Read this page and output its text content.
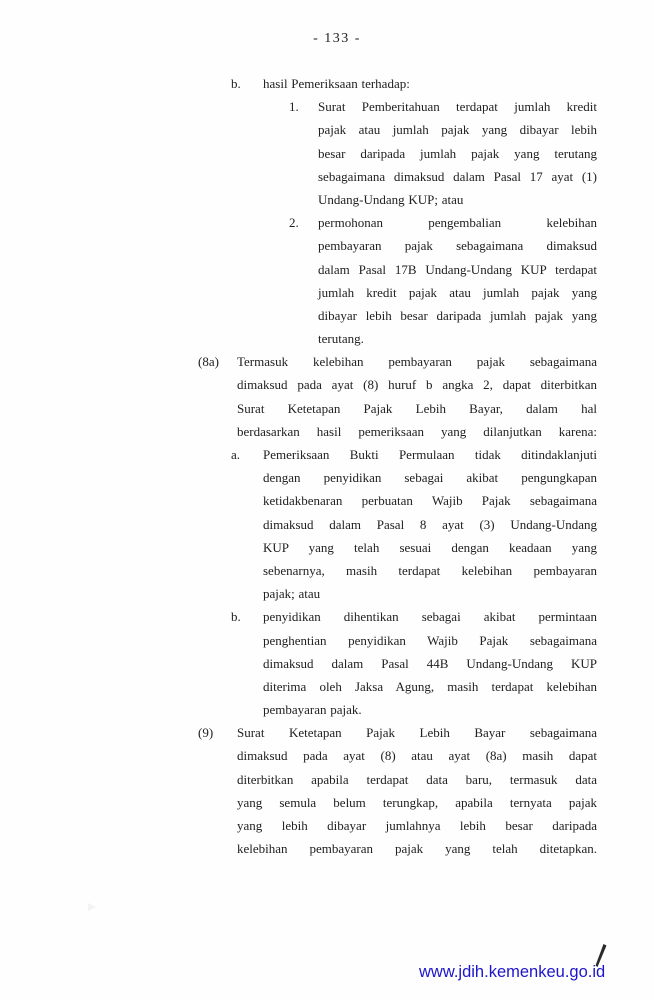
- 133 -
b. hasil Pemeriksaan terhadap:
1. Surat Pemberitahuan terdapat jumlah kredit
pajak atau jumlah pajak yang dibayar lebih
besar daripada jumlah pajak yang terutang
sebagaimana dimaksud dalam Pasal 17 ayat (1)
Undang-Undang KUP; atau
2. permohonan pengembalian kelebihan
pembayaran pajak sebagaimana dimaksud
dalam Pasal 17B Undang-Undang KUP terdapat
jumlah kredit pajak atau jumlah pajak yang
dibayar lebih besar daripada jumlah pajak yang
terutang.
(8a) Termasuk kelebihan pembayaran pajak sebagaimana
dimaksud pada ayat (8) huruf b angka 2, dapat diterbitkan
Surat Ketetapan Pajak Lebih Bayar, dalam hal
berdasarkan hasil pemeriksaan yang dilanjutkan karena:
a. Pemeriksaan Bukti Permulaan tidak ditindaklanjuti
dengan penyidikan sebagai akibat pengungkapan
ketidakbenaran perbuatan Wajib Pajak sebagaimana
dimaksud dalam Pasal 8 ayat (3) Undang-Undang
KUP yang telah sesuai dengan keadaan yang
sebenarnya, masih terdapat kelebihan pembayaran
pajak; atau
b. penyidikan dihentikan sebagai akibat permintaan
penghentian penyidikan Wajib Pajak sebagaimana
dimaksud dalam Pasal 44B Undang-Undang KUP
diterima oleh Jaksa Agung, masih terdapat kelebihan
pembayaran pajak.
(9) Surat Ketetapan Pajak Lebih Bayar sebagaimana
dimaksud pada ayat (8) atau ayat (8a) masih dapat
diterbitkan apabila terdapat data baru, termasuk data
yang semula belum terungkap, apabila ternyata pajak
yang lebih dibayar jumlahnya lebih besar daripada
kelebihan pembayaran pajak yang telah ditetapkan.
www.jdih.kemenkeu.go.id
